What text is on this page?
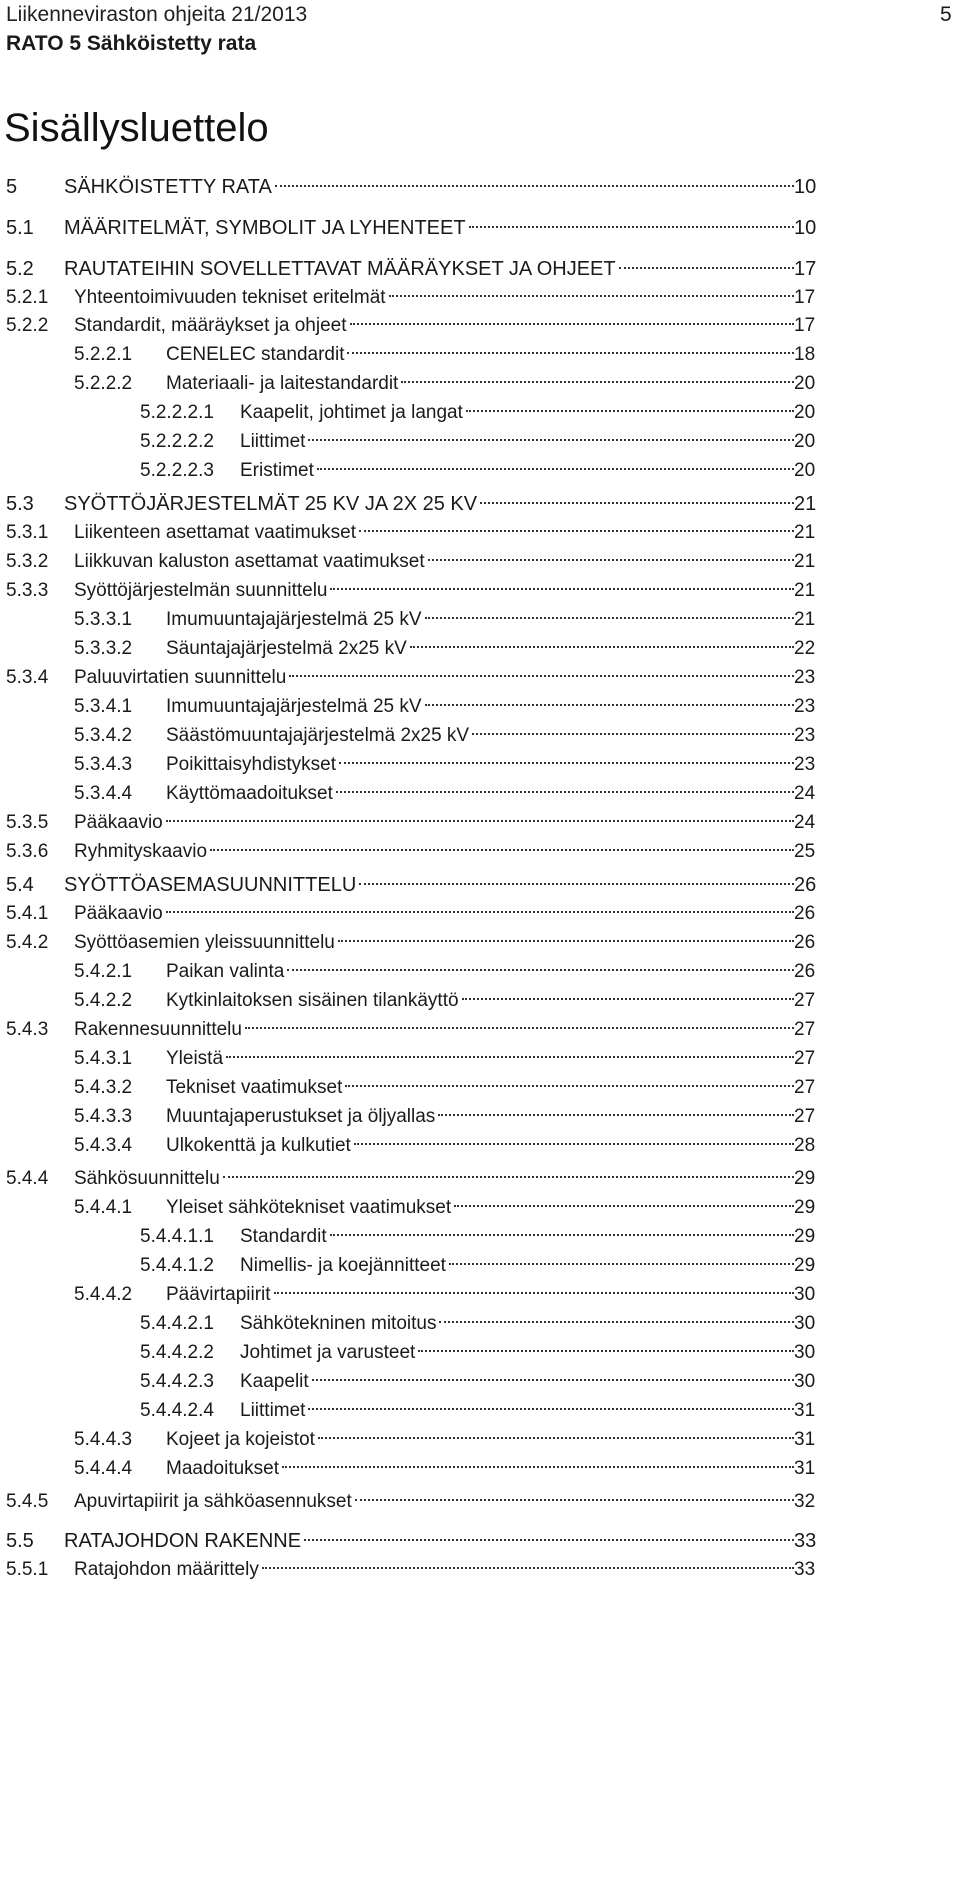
Liikenneviraston ohjeita 21/2013
RATO 5 Sähköistetty rata
5
Sisällysluettelo
5 SÄHKÖISTETTY RATA	10
5.1 MÄÄRITELMÄT, SYMBOLIT JA LYHENTEET	10
5.2 RAUTATEIHIN SOVELLETTAVAT MÄÄRÄYKSET JA OHJEET	17
5.2.1 Yhteentoimivuuden tekniset eritelmät	17
5.2.2 Standardit, määräykset ja ohjeet	17
5.2.2.1 CENELEC standardit	18
5.2.2.2 Materiaali- ja laitestandardit	20
5.2.2.2.1 Kaapelit, johtimet ja langat	20
5.2.2.2.2 Liittimet	20
5.2.2.2.3 Eristimet	20
5.3 SYÖTTÖJÄRJESTELMÄT 25 KV JA 2X 25 KV	21
5.3.1 Liikenteen asettamat vaatimukset	21
5.3.2 Liikkuvan kaluston asettamat vaatimukset	21
5.3.3 Syöttöjärjestelmän suunnittelu	21
5.3.3.1 Imumuuntajajärjestelmä 25 kV	21
5.3.3.2 Säuntajajärjestelmä 2x25 kV	22
5.3.4 Paluuvirtatien suunnittelu	23
5.3.4.1 Imumuuntajajärjestelmä 25 kV	23
5.3.4.2 Säästömuuntajajärjestelmä 2x25 kV	23
5.3.4.3 Poikittaisyhdistykset	23
5.3.4.4 Käyttömaadoitukset	24
5.3.5 Pääkaavio	24
5.3.6 Ryhmityskaavio	25
5.4 SYÖTTÖASEMASUUNNITTELU	26
5.4.1 Pääkaavio	26
5.4.2 Syöttöasemien yleissuunnittelu	26
5.4.2.1 Paikan valinta	26
5.4.2.2 Kytkinlaitoksen sisäinen tilankäyttö	27
5.4.3 Rakennesuunnittelu	27
5.4.3.1 Yleistä	27
5.4.3.2 Tekniset vaatimukset	27
5.4.3.3 Muuntajaperustukset ja öljyallas	27
5.4.3.4 Ulkokenttä ja kulkutiet	28
5.4.4 Sähkösuunnittelu	29
5.4.4.1 Yleiset sähkötekniset vaatimukset	29
5.4.4.1.1 Standardit	29
5.4.4.1.2 Nimellis- ja koejännitteet	29
5.4.4.2 Päävirtapiirit	30
5.4.4.2.1 Sähkötekninen mitoitus	30
5.4.4.2.2 Johtimet ja varusteet	30
5.4.4.2.3 Kaapelit	30
5.4.4.2.4 Liittimet	31
5.4.4.3 Kojeet ja kojeistot	31
5.4.4.4 Maadoitukset	31
5.4.5 Apuvirtapiirit ja sähköasennukset	32
5.5 RATAJOHDON RAKENNE	33
5.5.1 Ratajohdon määrittely	33
